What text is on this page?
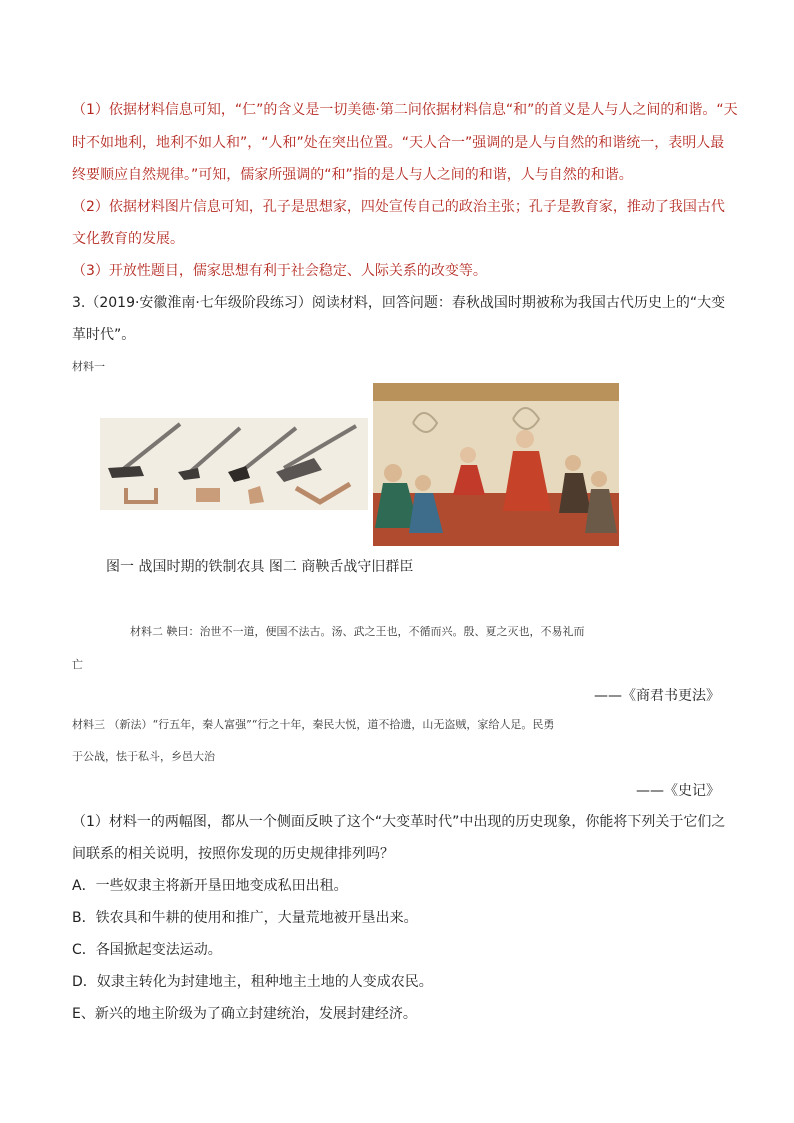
（1）依据材料信息可知，“仁”的含义是一切美德·第二问依据材料信息“和”的首义是人与人之间的和谐。“天
时不如地利，地利不如人和”，“人和”处在突出位置。“天人合一”强调的是人与自然的和谐统一，表明人最
终要顺应自然规律。”可知，儒家所强调的“和”指的是人与人之间的和谐，人与自然的和谐。
（2）依据材料图片信息可知，孔子是思想家，四处宣传自己的政治主张；孔子是教育家，推动了我国古代
文化教育的发展。
（3）开放性题目，儒家思想有利于社会稳定、人际关系的改变等。
3.（2019·安徽淮南·七年级阶段练习）阅读材料，回答问题：春秋战国时期被称为我国古代历史上的“大变
革时代”。
材料一
图一 战国时期的铁制农具 图二 商鞅舌战守旧群臣
材料二 鞅曰：治世不一道，便国不法古。汤、武之王也，不循而兴。殷、夏之灭也，不易礼而
亡
——《商君书更法》
材料三 （新法）“行五年，秦人富强”“行之十年，秦民大悦，道不拾遗，山无盗贼，家给人足。民勇
于公战，怯于私斗，乡邑大治
——《史记》
（1）材料一的两幅图，都从一个侧面反映了这个“大变革时代”中出现的历史现象，你能将下列关于它们之
间联系的相关说明，按照你发现的历史规律排列吗？
A．一些奴隶主将新开垦田地变成私田出租。
B．铁农具和牛耕的使用和推广，大量荒地被开垦出来。
C．各国掀起变法运动。
D．奴隶主转化为封建地主，租种地主土地的人变成农民。
E、新兴的地主阶级为了确立封建统治，发展封建经济。
